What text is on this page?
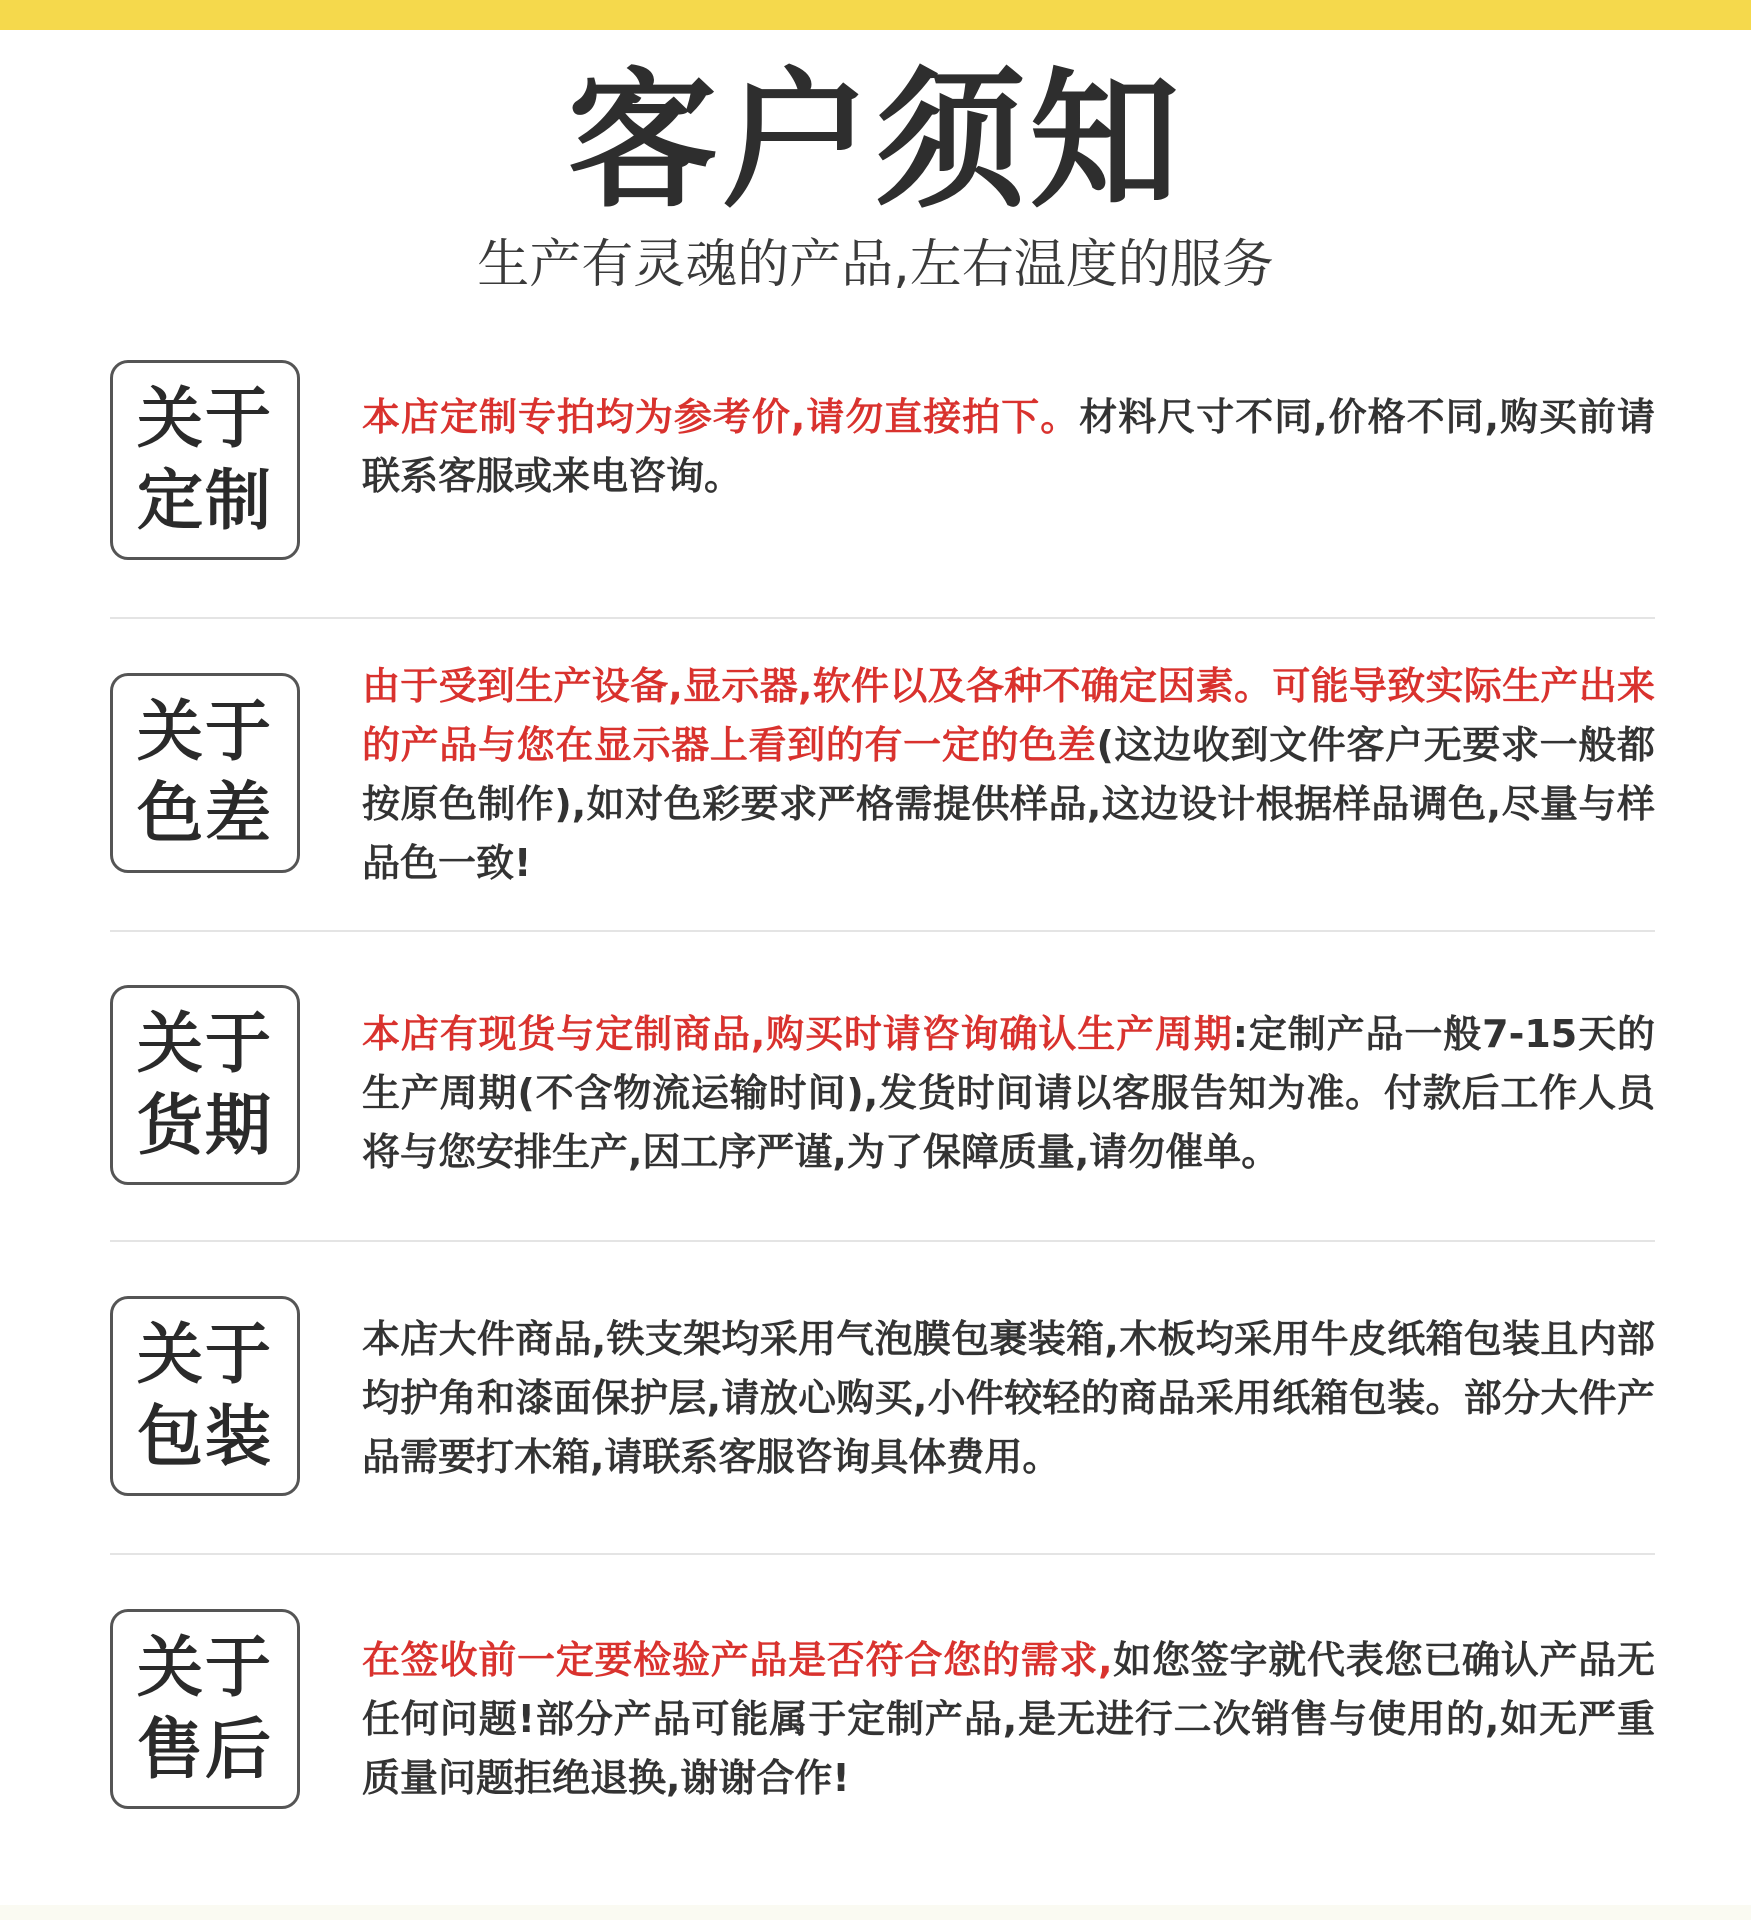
客户须知
生产有灵魂的产品,左右温度的服务
关于
定制
本店定制专拍均为参考价,请勿直接拍下。材料尺寸不同,价格不同,购买前请联系客服或来电咨询。
关于
色差
由于受到生产设备,显示器,软件以及各种不确定因素。可能导致实际生产出来的产品与您在显示器上看到的有一定的色差(这边收到文件客户无要求一般都按原色制作),如对色彩要求严格需提供样品,这边设计根据样品调色,尽量与样品色一致!
关于
货期
本店有现货与定制商品,购买时请咨询确认生产周期:定制产品一般7-15天的生产周期(不含物流运输时间),发货时间请以客服告知为准。付款后工作人员将与您安排生产,因工序严谨,为了保障质量,请勿催单。
关于
包装
本店大件商品,铁支架均采用气泡膜包裹装箱,木板均采用牛皮纸箱包装且内部均护角和漆面保护层,请放心购买,小件较轻的商品采用纸箱包装。部分大件产品需要打木箱,请联系客服咨询具体费用。
关于
售后
在签收前一定要检验产品是否符合您的需求,如您签字就代表您已确认产品无任何问题!部分产品可能属于定制产品,是无进行二次销售与使用的,如无严重质量问题拒绝退换,谢谢合作!
